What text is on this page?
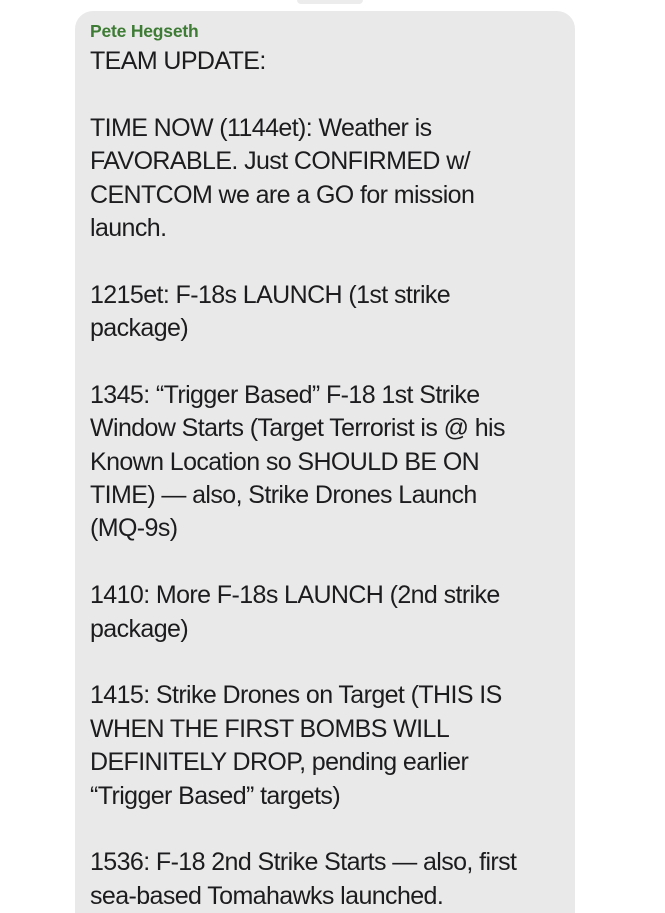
Pete Hegseth
TEAM UPDATE:
TIME NOW (1144et): Weather is
FAVORABLE. Just CONFIRMED w/
CENTCOM we are a GO for mission
launch.
1215et: F-18s LAUNCH (1st strike
package)
1345: “Trigger Based” F-18 1st Strike
Window Starts (Target Terrorist is @ his
Known Location so SHOULD BE ON
TIME) — also, Strike Drones Launch
(MQ-9s)
1410: More F-18s LAUNCH (2nd strike
package)
1415: Strike Drones on Target (THIS IS
WHEN THE FIRST BOMBS WILL
DEFINITELY DROP, pending earlier
“Trigger Based” targets)
1536: F-18 2nd Strike Starts — also, first
sea-based Tomahawks launched.
